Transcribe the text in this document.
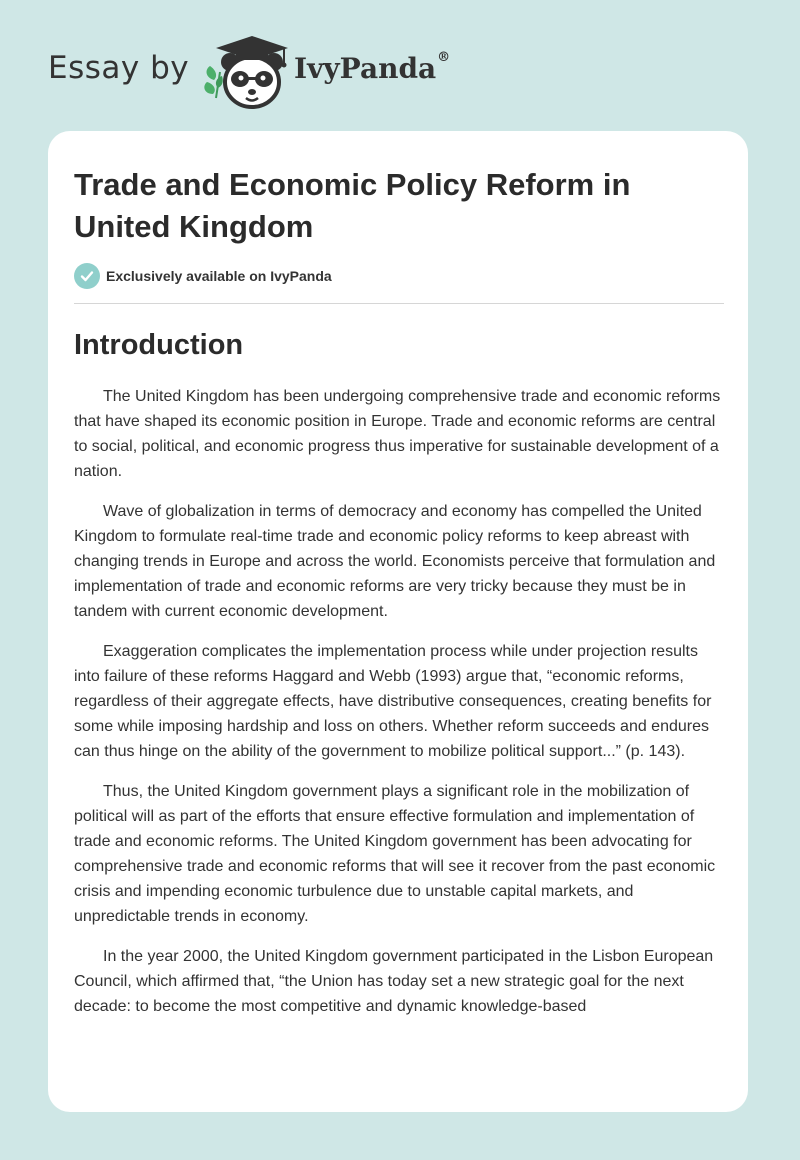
Essay by	IvyPanda®
Trade and Economic Policy Reform in United Kingdom
Exclusively available on IvyPanda
Introduction

The United Kingdom has been undergoing comprehensive trade and economic reforms that have shaped its economic position in Europe. Trade and economic reforms are central to social, political, and economic progress thus imperative for sustainable development of a nation.

Wave of globalization in terms of democracy and economy has compelled the United Kingdom to formulate real-time trade and economic policy reforms to keep abreast with changing trends in Europe and across the world. Economists perceive that formulation and implementation of trade and economic reforms are very tricky because they must be in tandem with current economic development.

Exaggeration complicates the implementation process while under projection results into failure of these reforms Haggard and Webb (1993) argue that, “economic reforms, regardless of their aggregate effects, have distributive consequences, creating benefits for some while imposing hardship and loss on others. Whether reform succeeds and endures can thus hinge on the ability of the government to mobilize political support...” (p. 143).

Thus, the United Kingdom government plays a significant role in the mobilization of political will as part of the efforts that ensure effective formulation and implementation of trade and economic reforms. The United Kingdom government has been advocating for comprehensive trade and economic reforms that will see it recover from the past economic crisis and impending economic turbulence due to unstable capital markets, and unpredictable trends in economy.

In the year 2000, the United Kingdom government participated in the Lisbon European Council, which affirmed that, “the Union has today set a new strategic goal for the next decade: to become the most competitive and dynamic knowledge-based
